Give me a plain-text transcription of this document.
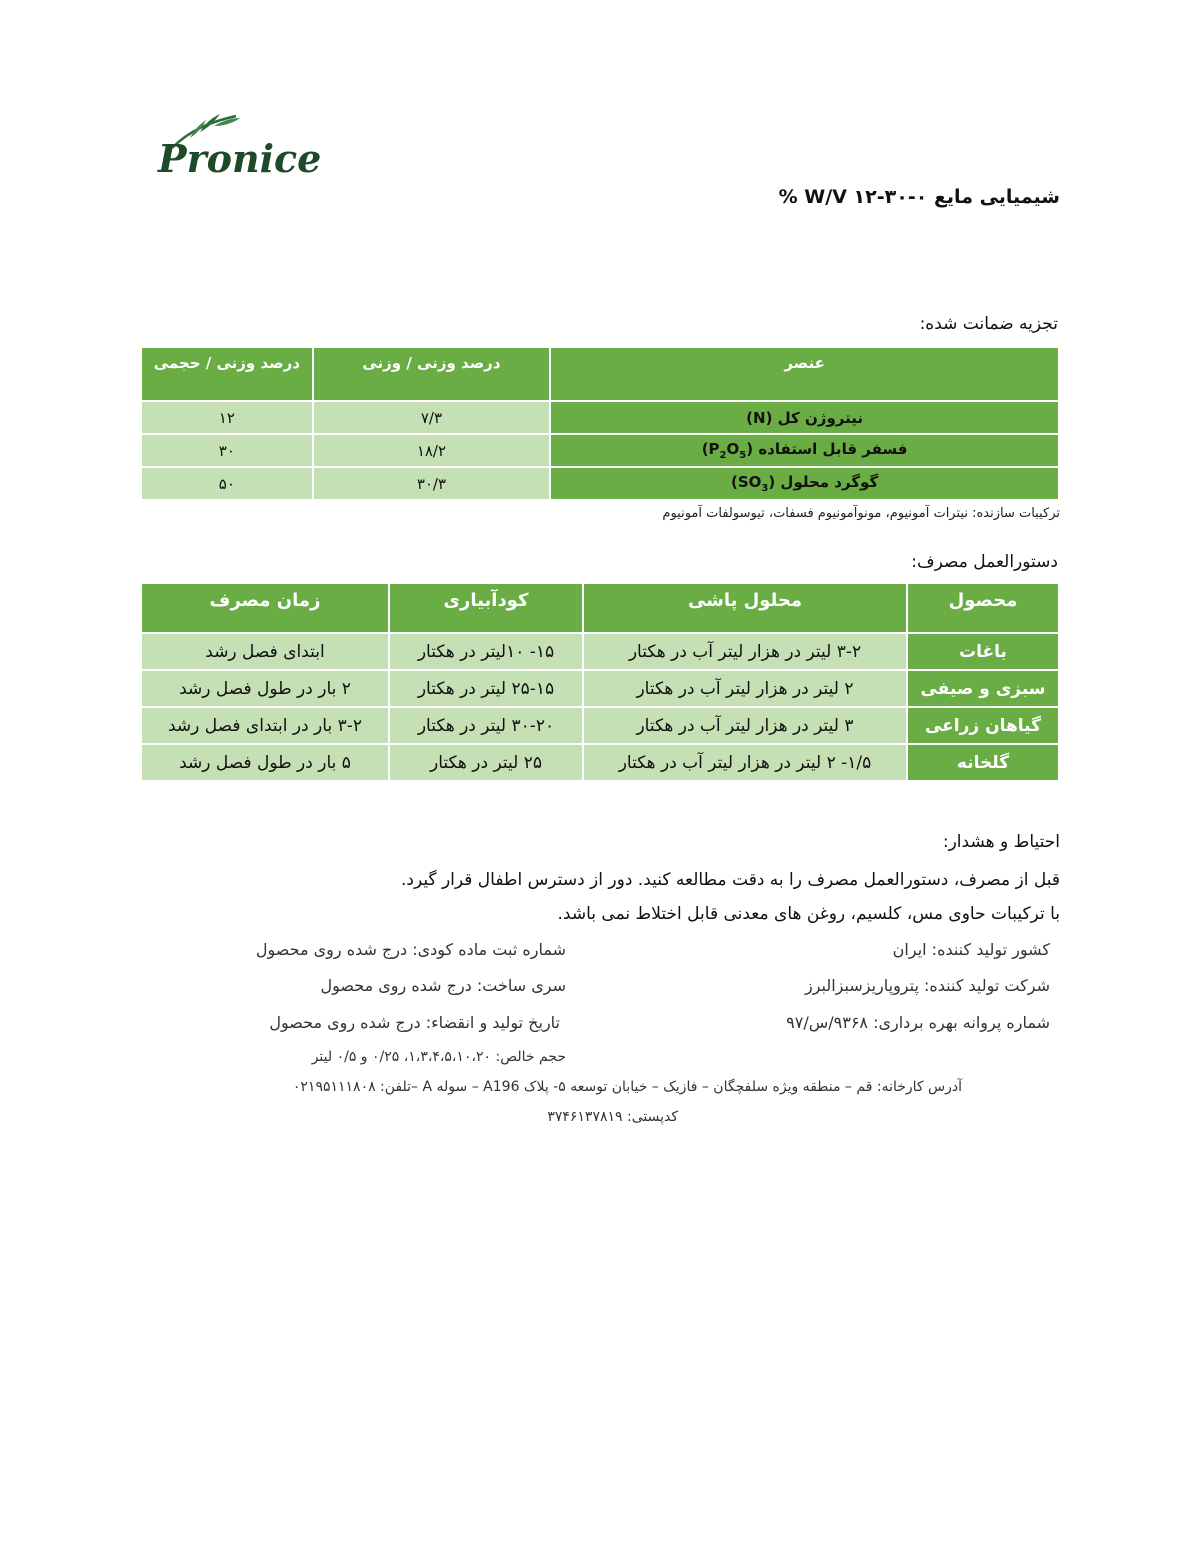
Pronice
شیمیایی مایع ۰-۳۰-۱۲ W/V %
تجزیه ضمانت شده:
عنصر	درصد وزنی / وزنی	درصد وزنی / حجمی
نیتروژن کل (N)	۷/۳	۱۲
فسفر قابل استفاده $(P_2O_5)$	۱۸/۲	۳۰
گوگرد محلول $(SO_3)$	۳۰/۳	۵۰
ترکیبات سازنده: نیترات آمونیوم، مونوآمونیوم فسفات، تیوسولفات آمونیوم
دستورالعمل مصرف:
محصول	محلول پاشی	کودآبیاری	زمان مصرف
باغات	۳-۲ لیتر در هزار لیتر آب در هکتار	۱۵- ۱۰لیتر در هکتار	ابتدای فصل رشد
سبزی و صیفی	۲ لیتر در هزار لیتر آب در هکتار	۲۵-۱۵ لیتر در هکتار	۲ بار در طول فصل رشد
گیاهان زراعی	۳ لیتر در هزار لیتر آب در هکتار	۳۰-۲۰ لیتر در هکتار	۳-۲ بار در ابتدای فصل رشد
گلخانه	۱/۵- ۲ لیتر در هزار لیتر آب در هکتار	۲۵ لیتر در هکتار	۵ بار در طول فصل رشد
احتیاط و هشدار:
قبل از مصرف، دستورالعمل مصرف را به دقت مطالعه کنید. دور از دسترس اطفال قرار گیرد.
با ترکیبات حاوی مس، کلسیم، روغن های معدنی قابل اختلاط نمی باشد.
کشور تولید کننده: ایران
شرکت تولید کننده: پتروپاریزسبزالبرز
شماره پروانه بهره برداری: ۹۳۶۸/س/۹۷
شماره ثبت ماده کودی: درج شده روی محصول
سری ساخت: درج شده روی محصول
تاریخ تولید و انقضاء: درج شده روی محصول
حجم خالص: ۱،۳،۴،۵،۱۰،۲۰، ۰/۲۵ و ۰/۵ لیتر
آدرس کارخانه: قم – منطقه ویژه سلفچگان – فازیک – خیابان توسعه ۵- پلاک A196 – سوله A –تلفن: ۰۲۱۹۵۱۱۱۸۰۸
کدپستی: ۳۷۴۶۱۳۷۸۱۹
